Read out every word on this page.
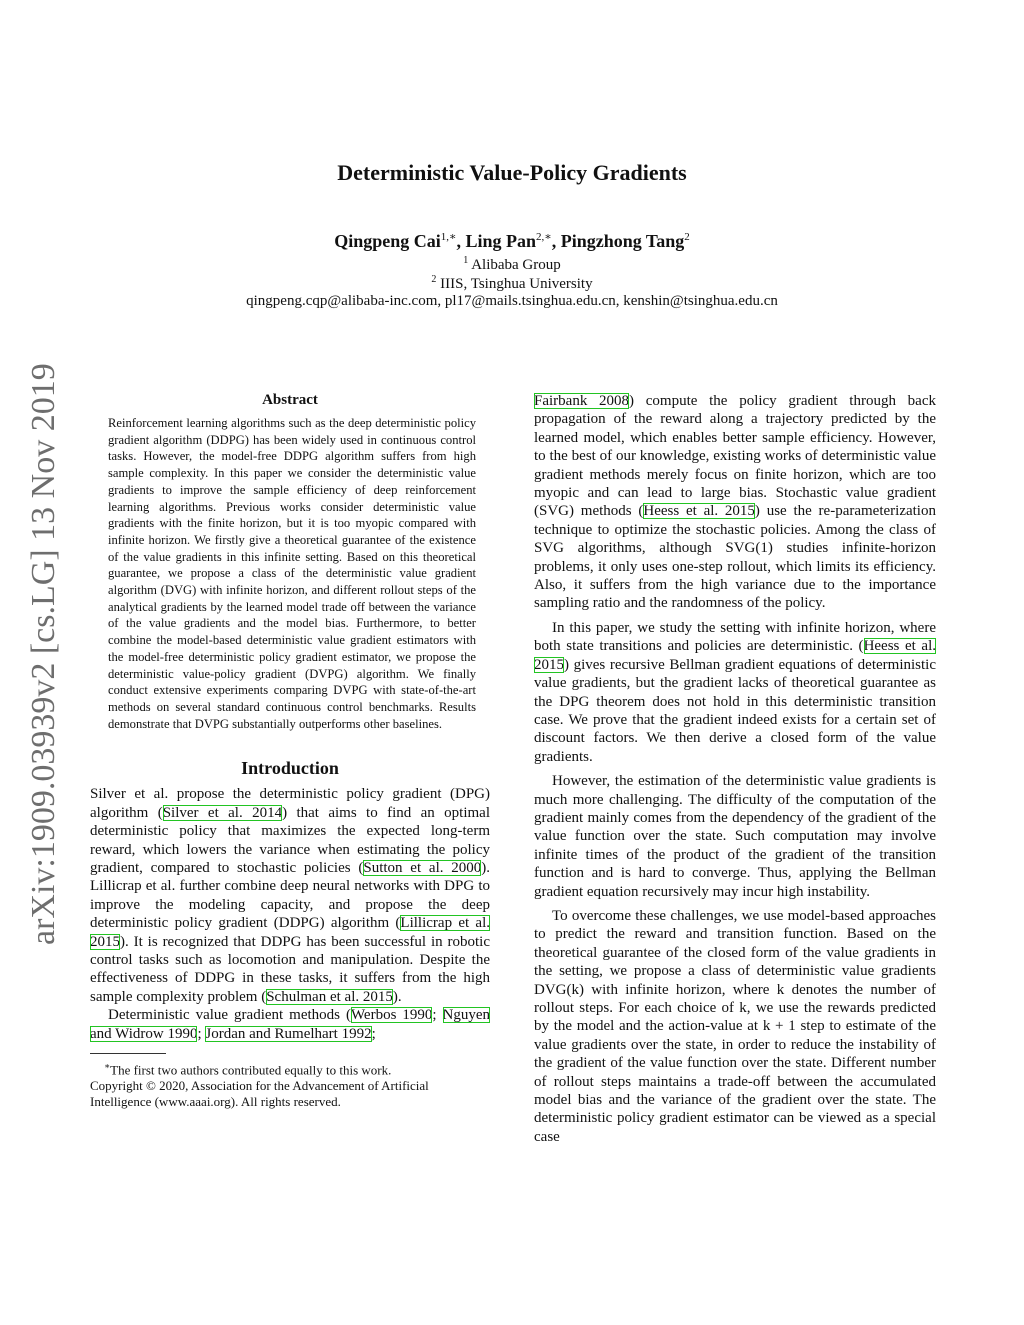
arXiv:1909.03939v2 [cs.LG] 13 Nov 2019
Deterministic Value-Policy Gradients
Qingpeng Cai$^{1,∗}$, Ling Pan$^{2,∗}$, Pingzhong Tang$^2$
$^1$ Alibaba Group
$^2$ IIIS, Tsinghua University
qingpeng.cqp@alibaba-inc.com, pl17@mails.tsinghua.edu.cn, kenshin@tsinghua.edu.cn
Abstract

Reinforcement learning algorithms such as the deep deterministic policy gradient algorithm (DDPG) has been widely used in continuous control tasks. However, the model-free DDPG algorithm suffers from high sample complexity. In this paper we consider the deterministic value gradients to improve the sample efficiency of deep reinforcement learning algorithms. Previous works consider deterministic value gradients with the finite horizon, but it is too myopic compared with infinite horizon. We firstly give a theoretical guarantee of the existence of the value gradients in this infinite setting. Based on this theoretical guarantee, we propose a class of the deterministic value gradient algorithm (DVG) with infinite horizon, and different rollout steps of the analytical gradients by the learned model trade off between the variance of the value gradients and the model bias. Furthermore, to better combine the model-based deterministic value gradient estimators with the model-free deterministic policy gradient estimator, we propose the deterministic value-policy gradient (DVPG) algorithm. We finally conduct extensive experiments comparing DVPG with state-of-the-art methods on several standard continuous control benchmarks. Results demonstrate that DVPG substantially outperforms other baselines.

Introduction

Silver et al. propose the deterministic policy gradient (DPG) algorithm (Silver et al. 2014) that aims to find an optimal deterministic policy that maximizes the expected long-term reward, which lowers the variance when estimating the policy gradient, compared to stochastic policies (Sutton et al. 2000). Lillicrap et al. further combine deep neural networks with DPG to improve the modeling capacity, and propose the deep deterministic policy gradient (DDPG) algorithm (Lillicrap et al. 2015). It is recognized that DDPG has been successful in robotic control tasks such as locomotion and manipulation. Despite the effectiveness of DDPG in these tasks, it suffers from the high sample complexity problem (Schulman et al. 2015).

Deterministic value gradient methods (Werbos 1990; Nguyen and Widrow 1990; Jordan and Rumelhart 1992;

∗The first two authors contributed equally to this work.

Copyright © 2020, Association for the Advancement of Artificial Intelligence (www.aaai.org). All rights reserved.

Fairbank 2008) compute the policy gradient through back propagation of the reward along a trajectory predicted by the learned model, which enables better sample efficiency. However, to the best of our knowledge, existing works of deterministic value gradient methods merely focus on finite horizon, which are too myopic and can lead to large bias. Stochastic value gradient (SVG) methods (Heess et al. 2015) use the re-parameterization technique to optimize the stochastic policies. Among the class of SVG algorithms, although SVG(1) studies infinite-horizon problems, it only uses one-step rollout, which limits its efficiency. Also, it suffers from the high variance due to the importance sampling ratio and the randomness of the policy.

In this paper, we study the setting with infinite horizon, where both state transitions and policies are deterministic. (Heess et al. 2015) gives recursive Bellman gradient equations of deterministic value gradients, but the gradient lacks of theoretical guarantee as the DPG theorem does not hold in this deterministic transition case. We prove that the gradient indeed exists for a certain set of discount factors. We then derive a closed form of the value gradients.

However, the estimation of the deterministic value gradients is much more challenging. The difficulty of the computation of the gradient mainly comes from the dependency of the gradient of the value function over the state. Such computation may involve infinite times of the product of the gradient of the transition function and is hard to converge. Thus, applying the Bellman gradient equation recursively may incur high instability.

To overcome these challenges, we use model-based approaches to predict the reward and transition function. Based on the theoretical guarantee of the closed form of the value gradients in the setting, we propose a class of deterministic value gradients DVG(k) with infinite horizon, where k denotes the number of rollout steps. For each choice of k, we use the rewards predicted by the model and the action-value at k + 1 step to estimate of the value gradients over the state, in order to reduce the instability of the gradient of the value function over the state. Different number of rollout steps maintains a trade-off between the accumulated model bias and the variance of the gradient over the state. The deterministic policy gradient estimator can be viewed as a special case
